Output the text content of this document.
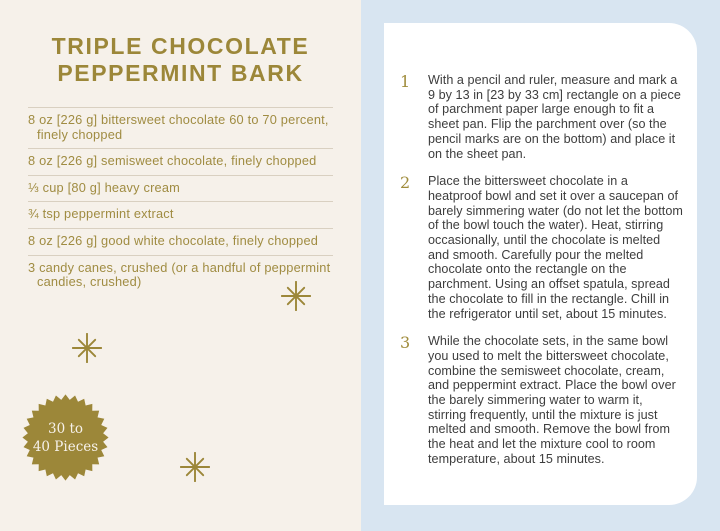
TRIPLE CHOCOLATE
PEPPERMINT BARK
8 oz [226 g] bittersweet chocolate 60 to 70 percent, finely chopped
8 oz [226 g] semisweet chocolate, finely chopped
⅓ cup [80 g] heavy cream
¾ tsp peppermint extract
8 oz [226 g] good white chocolate, finely chopped
3 candy canes, crushed (or a handful of peppermint candies, crushed)
30 to
40 Pieces
1	With a pencil and ruler, measure and mark a 9 by 13 in [23 by 33 cm] rectangle on a piece of parchment paper large enough to fit a sheet pan. Flip the parchment over (so the pencil marks are on the bottom) and place it on the sheet pan.

2	Place the bittersweet chocolate in a heatproof bowl and set it over a saucepan of barely simmering water (do not let the bottom of the bowl touch the water). Heat, stirring occasionally, until the chocolate is melted and smooth. Carefully pour the melted chocolate onto the rectangle on the parchment. Using an offset spatula, spread the chocolate to fill in the rectangle. Chill in the refrigerator until set, about 15 minutes.

3	While the chocolate sets, in the same bowl you used to melt the bittersweet chocolate, combine the semisweet chocolate, cream, and peppermint extract. Place the bowl over the barely simmering water to warm it, stirring frequently, until the mixture is just melted and smooth. Remove the bowl from the heat and let the mixture cool to room temperature, about 15 minutes.
